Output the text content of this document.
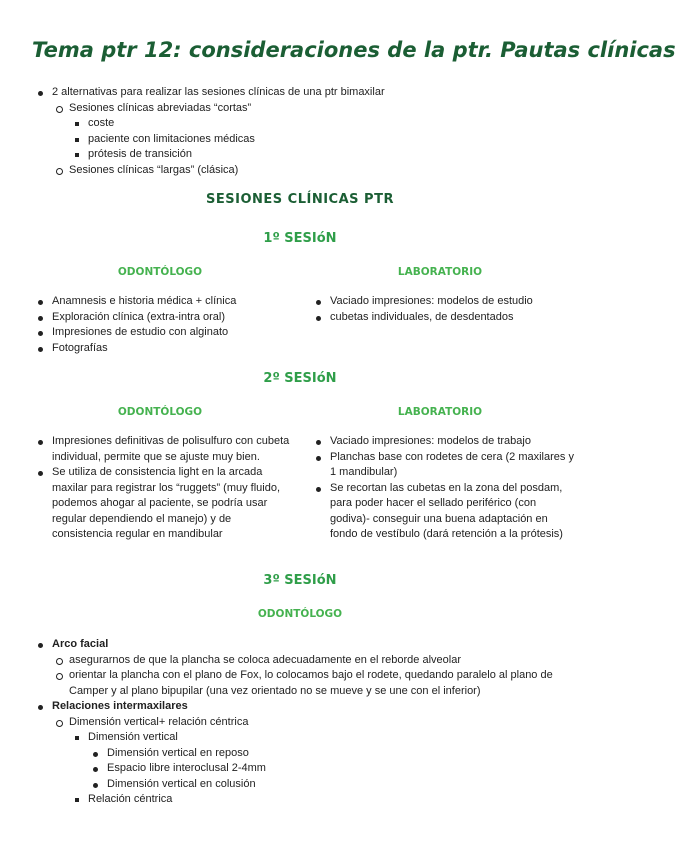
Tema ptr 12: consideraciones de la ptr. Pautas clínicas
2 alternativas para realizar las sesiones clínicas de una ptr bimaxilar
Sesiones clínicas abreviadas “cortas”
coste
paciente con limitaciones médicas
prótesis de transición
Sesiones clínicas “largas” (clásica)
SESIONES CLÍNICAS PTR
1º SESIóN
ODONTÓLOGO	LABORATORIO
Anamnesis e historia médica + clínica
Exploración clínica (extra-intra oral)
Impresiones de estudio con alginato
Fotografías
Vaciado impresiones: modelos de estudio
cubetas individuales, de desdentados
2º SESIóN
ODONTÓLOGO	LABORATORIO
Impresiones definitivas de polisulfuro con cubeta individual, permite que se ajuste muy bien.
Se utiliza de consistencia light en la arcada maxilar para registrar los “ruggets” (muy fluido, podemos ahogar al paciente, se podría usar regular dependiendo el manejo) y de consistencia regular en mandibular
Vaciado impresiones: modelos de trabajo
Planchas base con rodetes de cera (2 maxilares y 1 mandibular)
Se recortan las cubetas en la zona del posdam, para poder hacer el sellado periférico (con godiva)- conseguir una buena adaptación en fondo de vestíbulo (dará retención a la prótesis)
3º SESIóN
ODONTÓLOGO
Arco facial
asegurarnos de que la plancha se coloca adecuadamente en el reborde alveolar
orientar la plancha con el plano de Fox, lo colocamos bajo el rodete, quedando paralelo al plano de Camper y al plano bipupilar (una vez orientado no se mueve y se une con el inferior)
Relaciones intermaxilares
Dimensión vertical+ relación céntrica
Dimensión vertical
Dimensión vertical en reposo
Espacio libre interoclusal 2-4mm
Dimensión vertical en colusión
Relación céntrica
